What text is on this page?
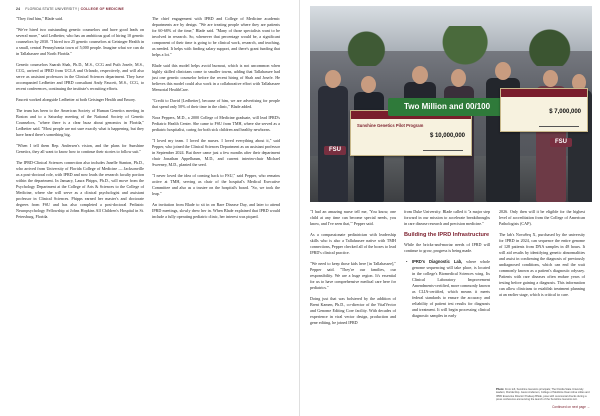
24 FLORIDA STATE UNIVERSITY | COLLEGE OF MEDICINE

"They find him," Blade said.

"We've hired two outstanding genetic counselors and have good leads on several more," said Ledbetter, who has an ambitious goal of hiring 10 genetic counselors by 2030. "I hired two 25 genetic counselors at Geisinger Health in a small, central Pennsylvania town of 5,000 people. Imagine what we can do in Tallahassee and North Florida."

Genetic counselors Saarah Shah, Ph.D., M.S., CCG and Puth Josefe, M.S., CCG, arrived at IPRD from UCLA and Orlando, respectively, and will also serve as assistant professors in the Clinical Sciences department. They have accompanied Ledbetter and IPRD consultant Andy Faucett, M.S., CCG, to recent conferences, continuing the institute's recruiting efforts.

Faucett worked alongside Ledbetter at both Geisinger Health and Emory.

The team has been to the American Society of Human Genetics meeting in Boston and to a Saturday meeting of the National Society of Genetic Counselors, "where there is a clear buzz about genomics in Florida," Ledbetter said. "Most people are not sure exactly what is happening, but they have heard there's something big.

"When I tell them Rep. Andersen's vision, and the plans for Sunshine Genetics, they all want to know how to continue their stories to follow suit."

The IPRD-Clinical Sciences connection also includes Janelle Stanton, Ph.D., who arrived from University of Florida College of Medicine — Jacksonville as a post-doctoral role, with IPRD and now leads the research faculty portion within the department. In January, Laura Phipps, Ph.D., will move from the Psychology Department at the College of Arts & Sciences to the College of Medicine, where she will serve as a clinical psychologist and assistant professor in Clinical Sciences. Phipps earned her master's and doctorate degrees from FSU and has also completed a post-doctoral Pediatric Neuropsychology Fellowship at Johns Hopkins All Children's Hospital in St. Petersburg, Florida.

The chief engagement with IPRD and College of Medicine academic departments are by design. "We are treating people where they are patients for 60-68% of the time," Blade said. "Many of those specialists want to be involved in research. So, whenever that percentage would be, a significant component of their time is going to be clinical work, research, and teaching, as needed. It helps with finding salary support, and there's grant funding that helps a lot."

Blade said this model helps avoid burnout, which is not uncommon when highly skilled clinicians come to smaller towns, adding that Tallahassee had just one genetic counselor before the recent hiring of Shah and Josefe. He believes this model could also work in a collaborative effort with Tallahassee Memorial HealthCare.

"Credit to David [Ledbetter], because of him, we are advertising for people that spend only 50% of their time in the clinic," Blade added.

Nora Peppers, M.D., a 2000 College of Medicine graduate, will lead IPRD's Pediatric Health Center. She came to FSU from TMH, where she served as a pediatric hospitalist, caring for both sick children and healthy newborns.

"I loved my team. I loved the nurses. I loved everything about it," said Pepper, who joined the Clinical Sciences Department as an assistant professor in September 2024. But there came just a few months after their department chair Jonathan Appelbaum, M.D., and current interim-chair Michael Sweeney, M.D., planted the seed.

"I never loved the idea of coming back to FSU," said Pepper, who remains active at TMH, serving as chair of the hospital's Medical Executive Committee and also as a trustee on the hospital's board. "So, we took the leap."

An invitation from Blade to sit in on Rare Disease Day, and later to attend IPRD meetings, slowly drew her in. When Blade explained that IPRD would include a fully operating pediatric clinic, her interest was piqued.

Sunshine Genetics Pilot Program
$ 10,000,000
Two Million and 00/100
$ 7,000,000
FSU
FSU

"I had an amazing nurse tell me, 'You know, one child at any time can become special needs, you know, and I've seen that,'" Pepper said.

As a compassionate pediatrician with leadership skills who is also a Tallahassee native with TMH connections, Pepper checked all of the boxes to lead IPRD's clinical practice.

"We need to keep those kids here [in Tallahassee]," Pepper said. "They're our families, our responsibility. We are a huge region. It's essential for us to have comprehensive medical care here for pediatrics."

Doing just that was bolstered by the addition of Brent Kamen, Ph.D., co-director of the VitalVector and Genome Editing Core facility. With decades of experience in viral vector design, production and gene editing, he joined IPRD

from Duke University. Blade called it "a major step forward in our mission to accelerate breakthroughs in rare disease research and precision medicine."

Building the IPRD Infrastructure

While the bricks-and-mortar needs of IPRD will continue to grow, progress is being made.

• IPRD's Diagnostic Lab, where whole genome sequencing will take place, is located in the college's Biomedical Sciences wing. Its Clinical Laboratory Improvement Amendments-certified, more commonly known as CLIA-certified, which means it meets federal standards to ensure the accuracy and reliability of patient test results for diagnosis and treatment. It will begin processing clinical diagnostic samples in early

2026. Only then will it be eligible for the highest level of accreditation from the College of American Pathologists (CAP).

The lab's NovaSeq X, purchased by the university for IPRD in 2024, can sequence the entire genome of 128 patients from DNA samples in 48 hours. It will aid results by identifying genetic abnormalities and assist in confirming the diagnosis of previously undiagnosed conditions, which can end the wait commonly known as a patient's diagnostic odyssey. Patients with rare diseases often endure years of testing before gaining a diagnosis. This information can allow clinicians to establish treatment planning at an earlier stage, which is critical to care.

Photo: From left, Sunshine Genetics principals; The Florida State University leaders; Florida Rep. Jason Andersen, College of Medicine Dean Alma Littles and IPRD Executive Director Pradeep Bhide, pose with ceremonial checks during a press conference announcing the launch of the Sunshine Genetics Act.
Continued on next page →
